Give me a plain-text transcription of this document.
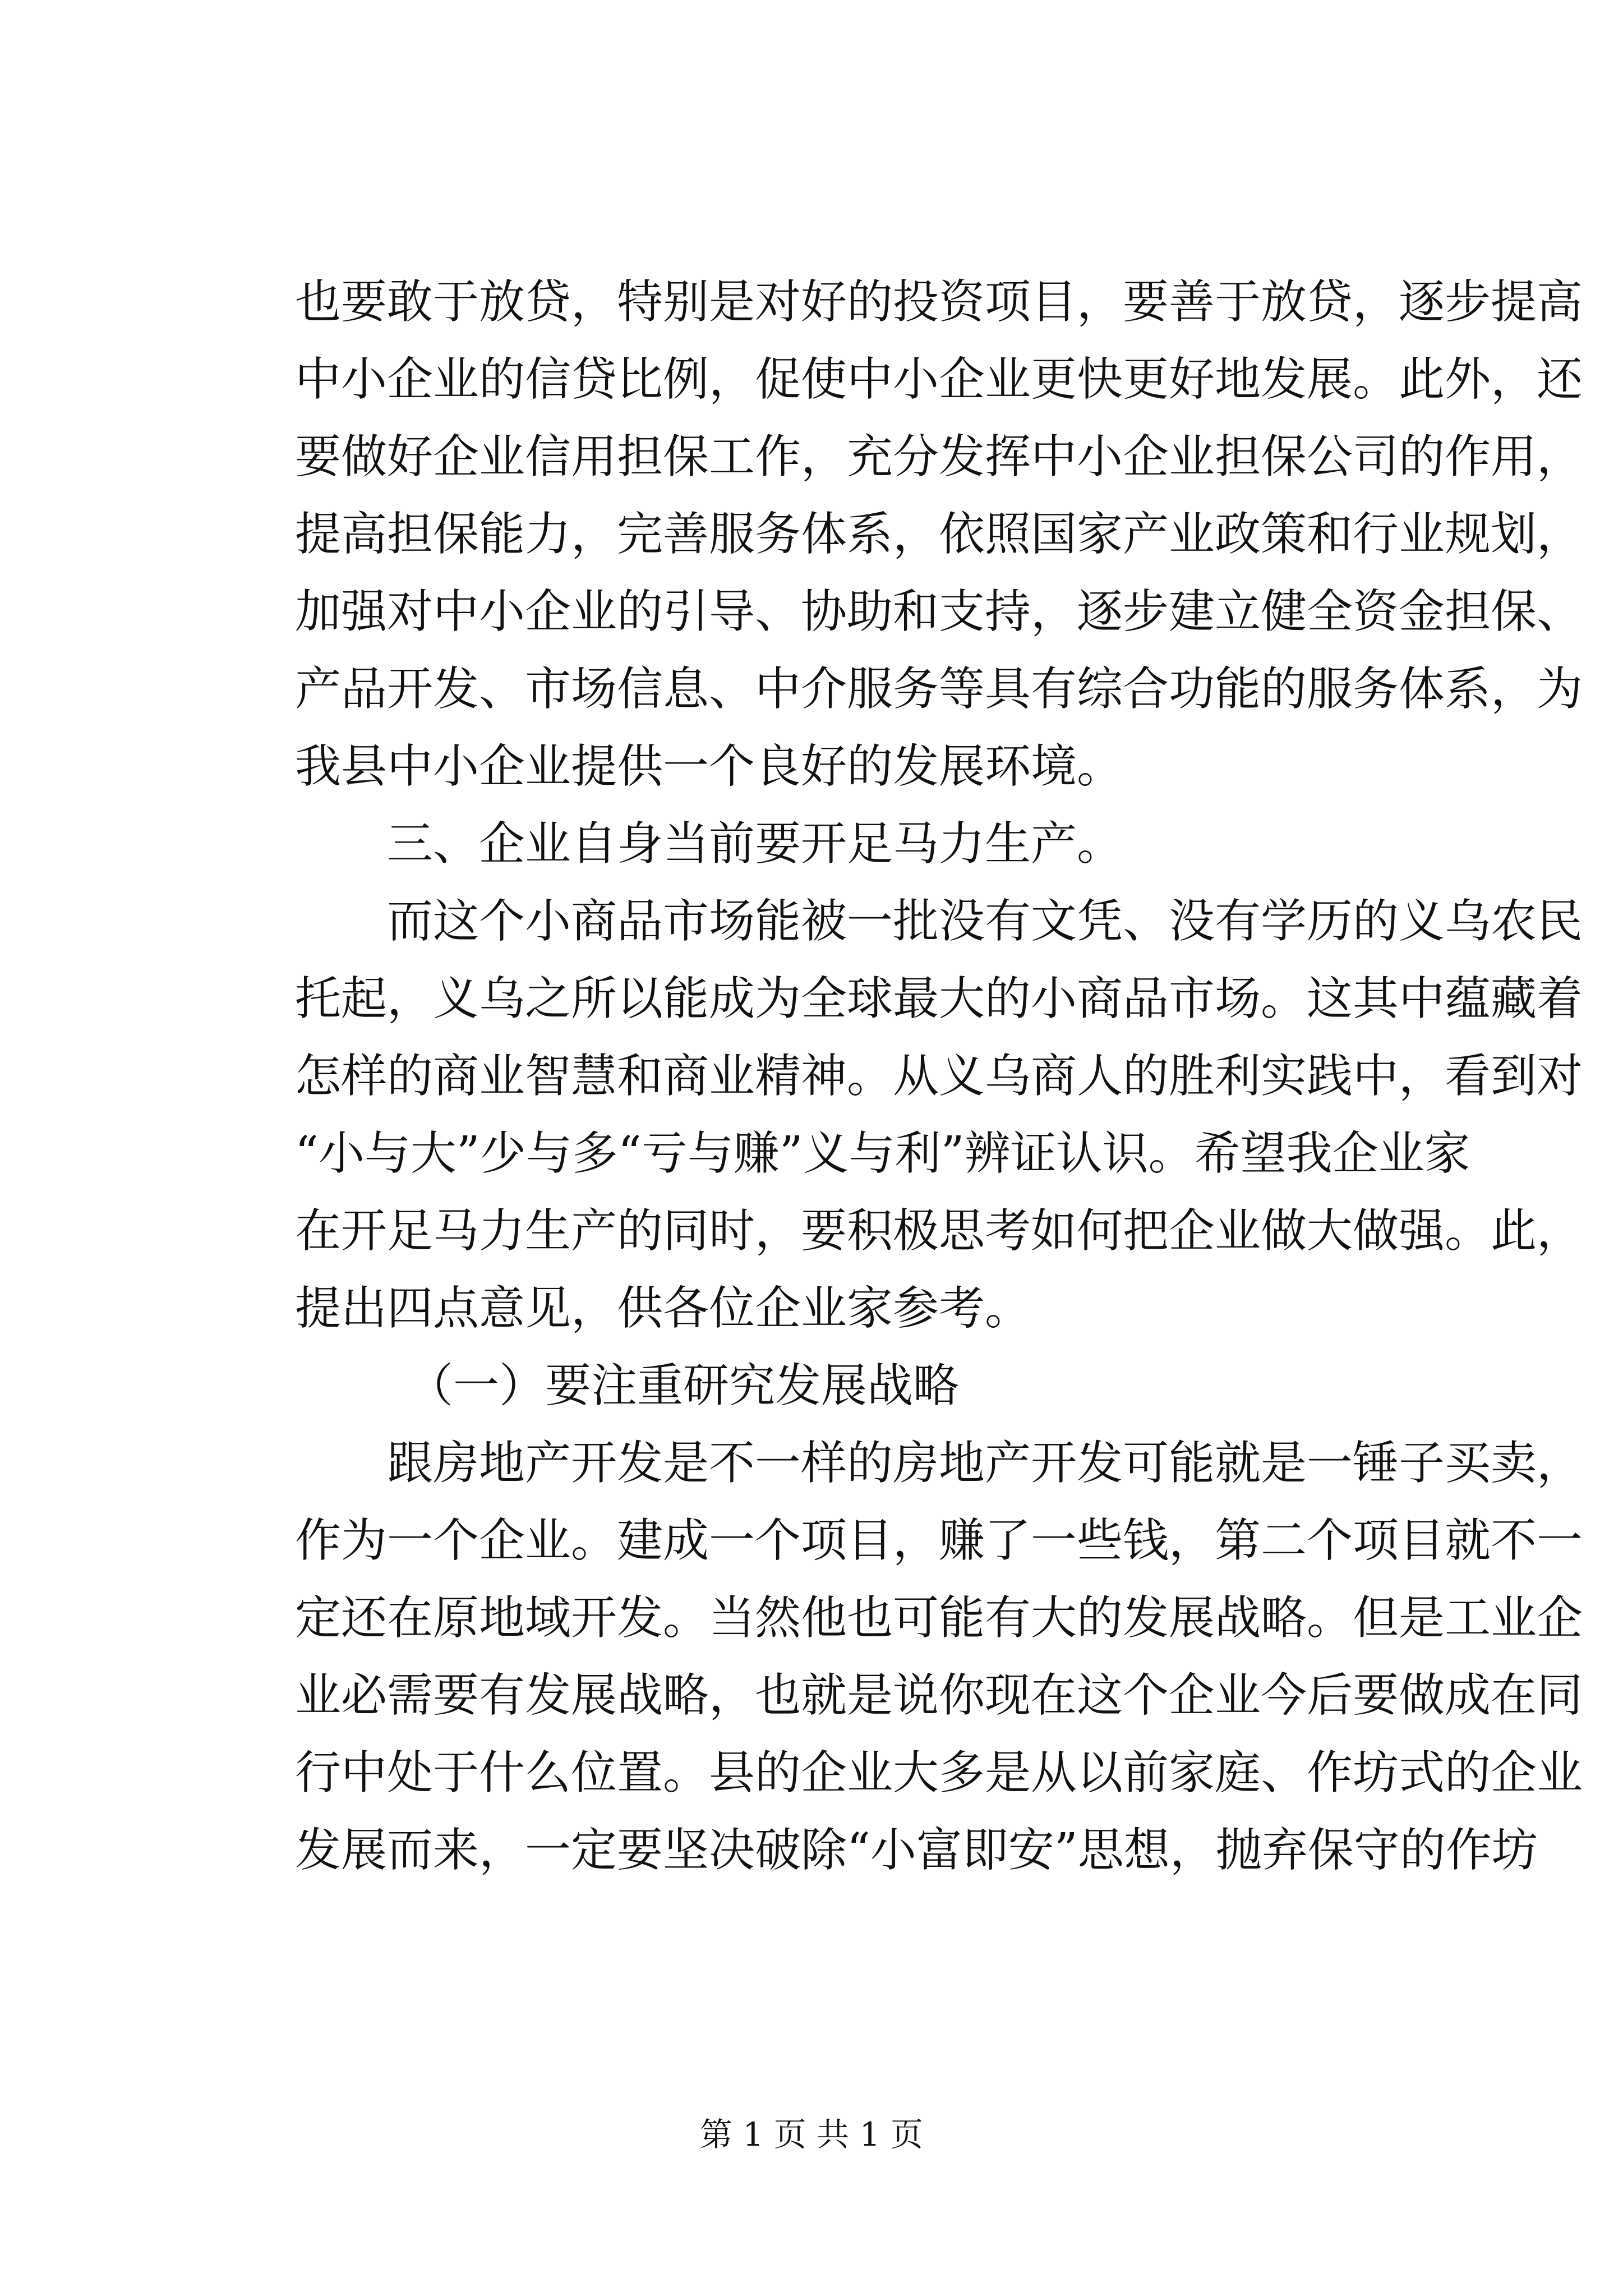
也要敢于放贷，特别是对好的投资项目，要善于放贷，逐步提高
中小企业的信贷比例，促使中小企业更快更好地发展。此外，还
要做好企业信用担保工作，充分发挥中小企业担保公司的作用，
提高担保能力，完善服务体系，依照国家产业政策和行业规划，
加强对中小企业的引导、协助和支持，逐步建立健全资金担保、
产品开发、市场信息、中介服务等具有综合功能的服务体系，为
我县中小企业提供一个良好的发展环境。
三、企业自身当前要开足马力生产。
而这个小商品市场能被一批没有文凭、没有学历的义乌农民
托起，义乌之所以能成为全球最大的小商品市场。这其中蕴藏着
怎样的商业智慧和商业精神。从义乌商人的胜利实践中，看到对
“小与大”少与多“亏与赚”义与利”辨证认识。希望我企业家
在开足马力生产的同时，要积极思考如何把企业做大做强。此，
提出四点意见，供各位企业家参考。
（一）要注重研究发展战略
跟房地产开发是不一样的房地产开发可能就是一锤子买卖，
作为一个企业。建成一个项目，赚了一些钱，第二个项目就不一
定还在原地域开发。当然他也可能有大的发展战略。但是工业企
业必需要有发展战略，也就是说你现在这个企业今后要做成在同
行中处于什么位置。县的企业大多是从以前家庭、作坊式的企业
发展而来，一定要坚决破除“小富即安”思想，抛弃保守的作坊
第 1 页 共 1 页
